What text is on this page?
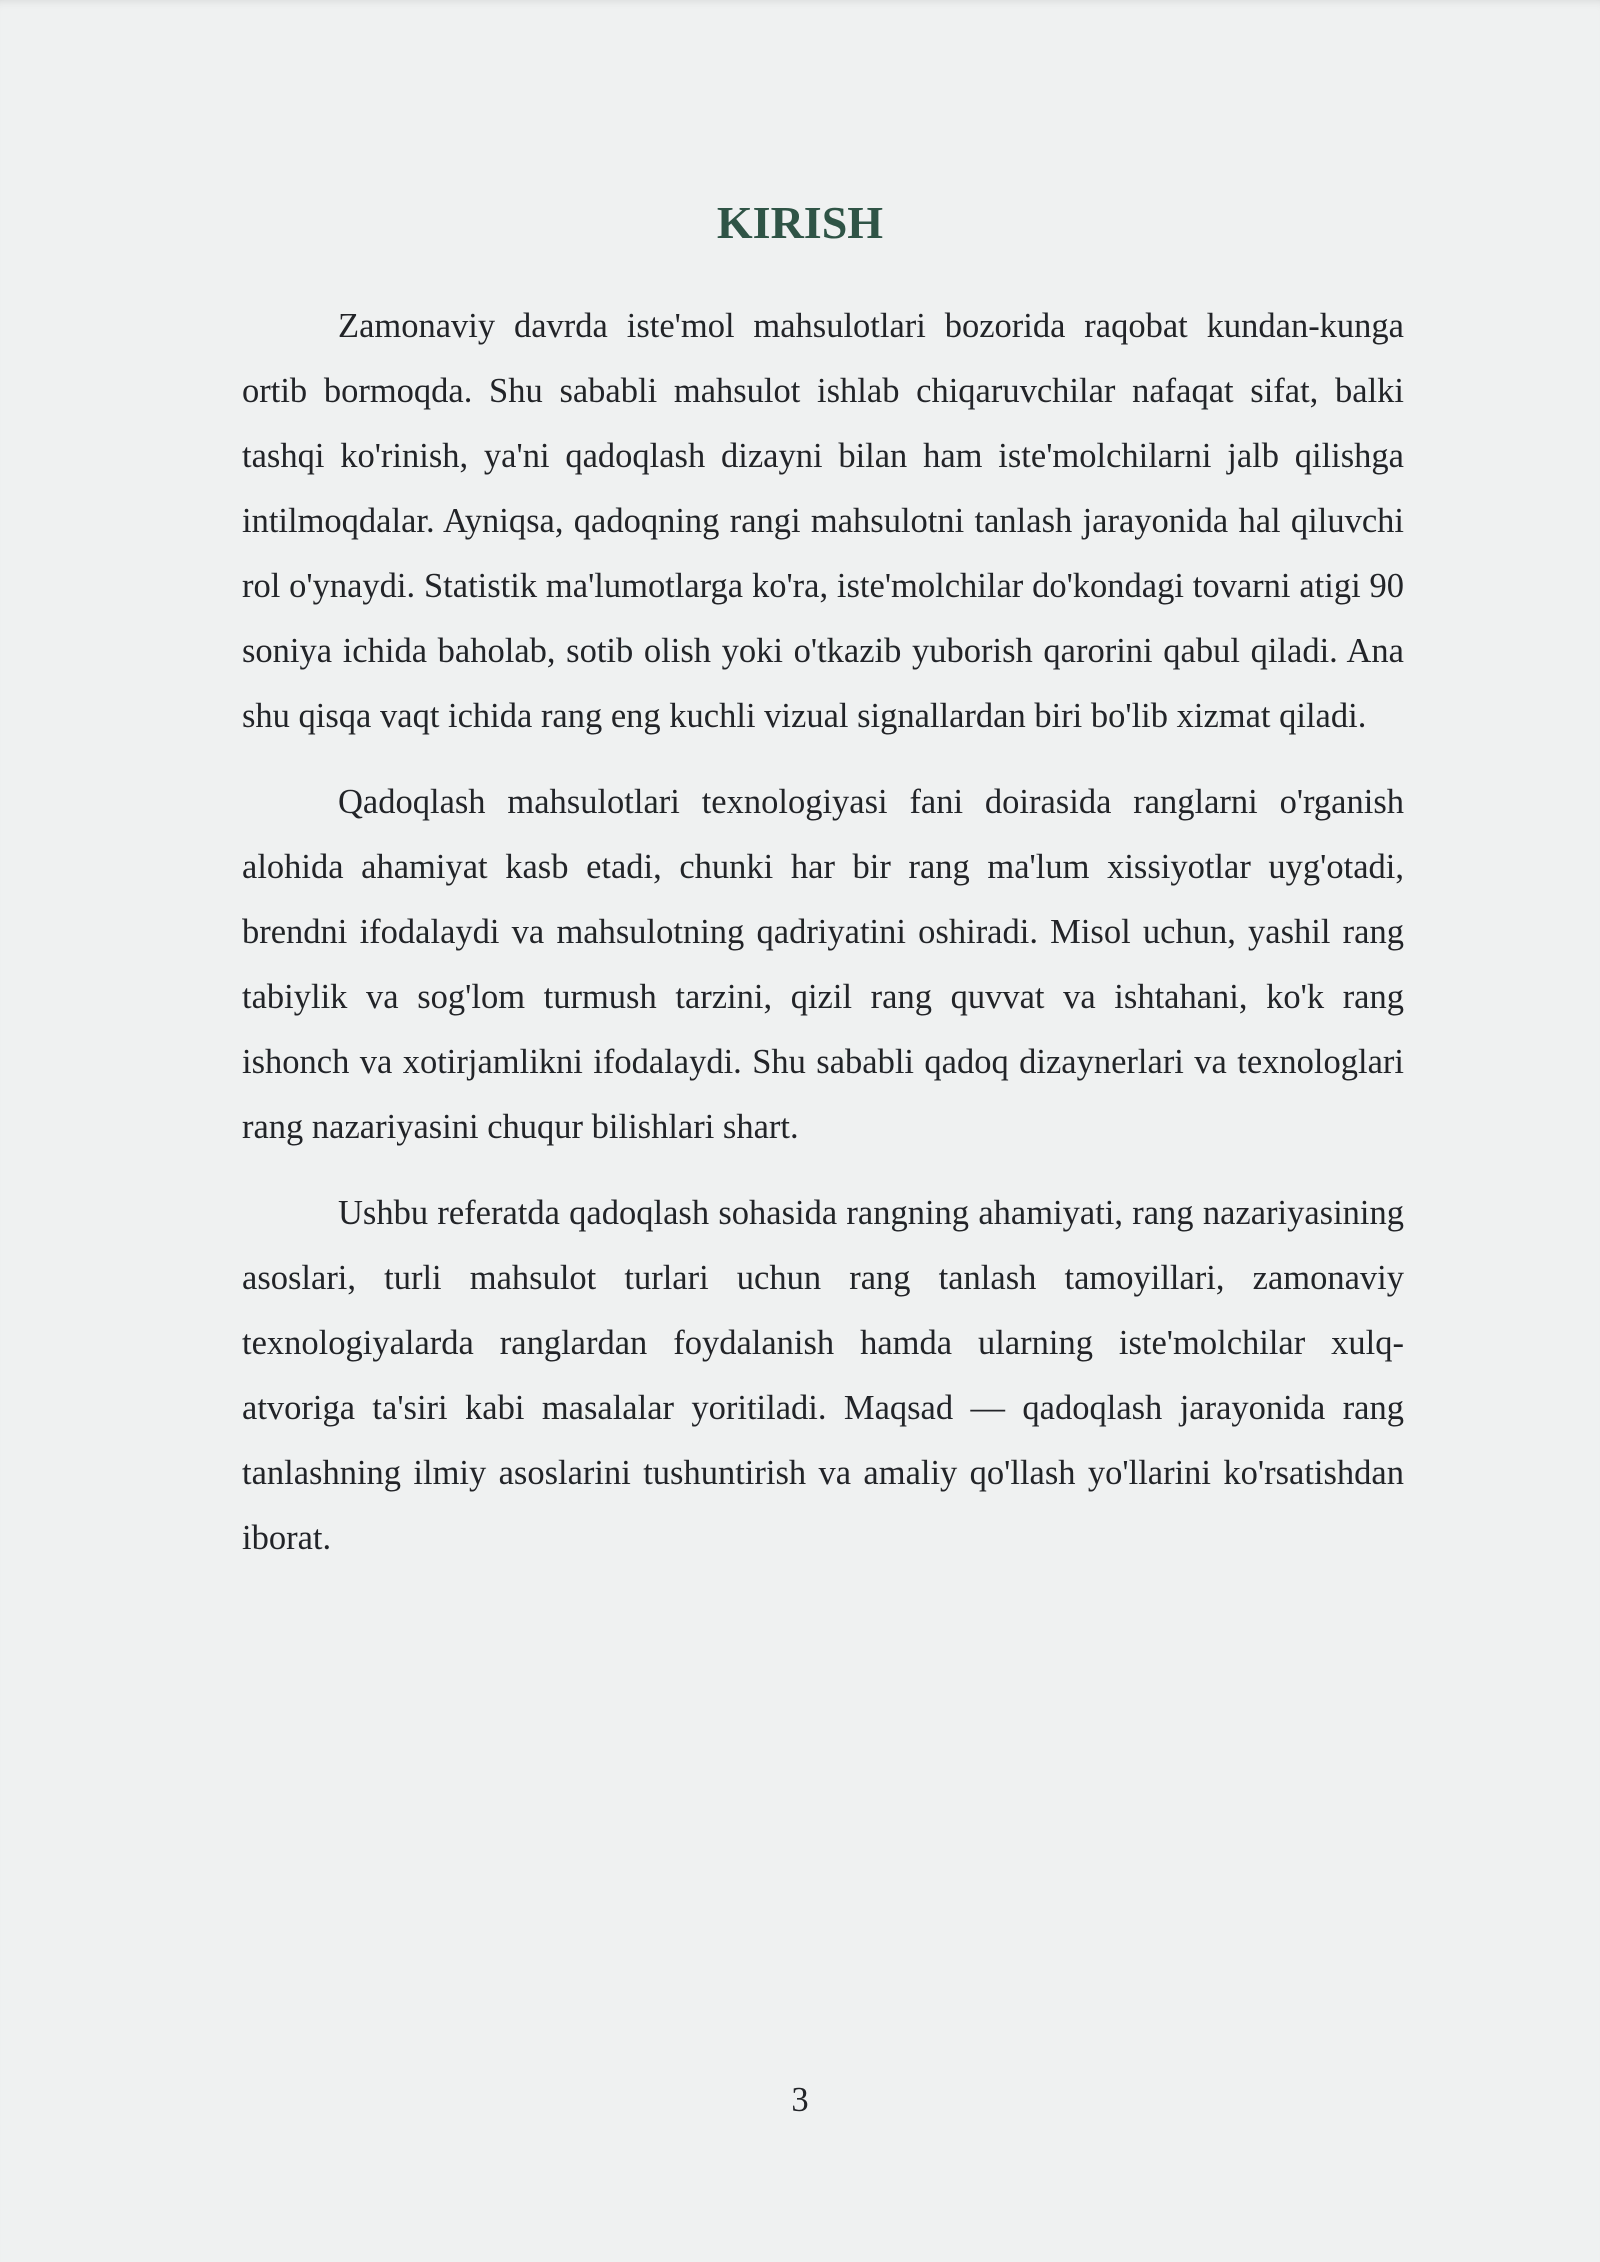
KIRISH

Zamonaviy davrda iste'mol mahsulotlari bozorida raqobat kundan-kunga ortib bormoqda. Shu sababli mahsulot ishlab chiqaruvchilar nafaqat sifat, balki tashqi ko'rinish, ya'ni qadoqlash dizayni bilan ham iste'molchilarni jalb qilishga intilmoqdalar. Ayniqsa, qadoqning rangi mahsulotni tanlash jarayonida hal qiluvchi rol o'ynaydi. Statistik ma'lumotlarga ko'ra, iste'molchilar do'kondagi tovarni atigi 90 soniya ichida baholab, sotib olish yoki o'tkazib yuborish qarorini qabul qiladi. Ana shu qisqa vaqt ichida rang eng kuchli vizual signallardan biri bo'lib xizmat qiladi.

Qadoqlash mahsulotlari texnologiyasi fani doirasida ranglarni o'rganish alohida ahamiyat kasb etadi, chunki har bir rang ma'lum xissiyotlar uyg'otadi, brendni ifodalaydi va mahsulotning qadriyatini oshiradi. Misol uchun, yashil rang tabiylik va sog'lom turmush tarzini, qizil rang quvvat va ishtahani, ko'k rang ishonch va xotirjamlikni ifodalaydi. Shu sababli qadoq dizaynerlari va texnologlari rang nazariyasini chuqur bilishlari shart.

Ushbu referatda qadoqlash sohasida rangning ahamiyati, rang nazariyasining asoslari, turli mahsulot turlari uchun rang tanlash tamoyillari, zamonaviy texnologiyalarda ranglardan foydalanish hamda ularning iste'molchilar xulq-atvoriga ta'siri kabi masalalar yoritiladi. Maqsad — qadoqlash jarayonida rang tanlashning ilmiy asoslarini tushuntirish va amaliy qo'llash yo'llarini ko'rsatishdan iborat.

3
